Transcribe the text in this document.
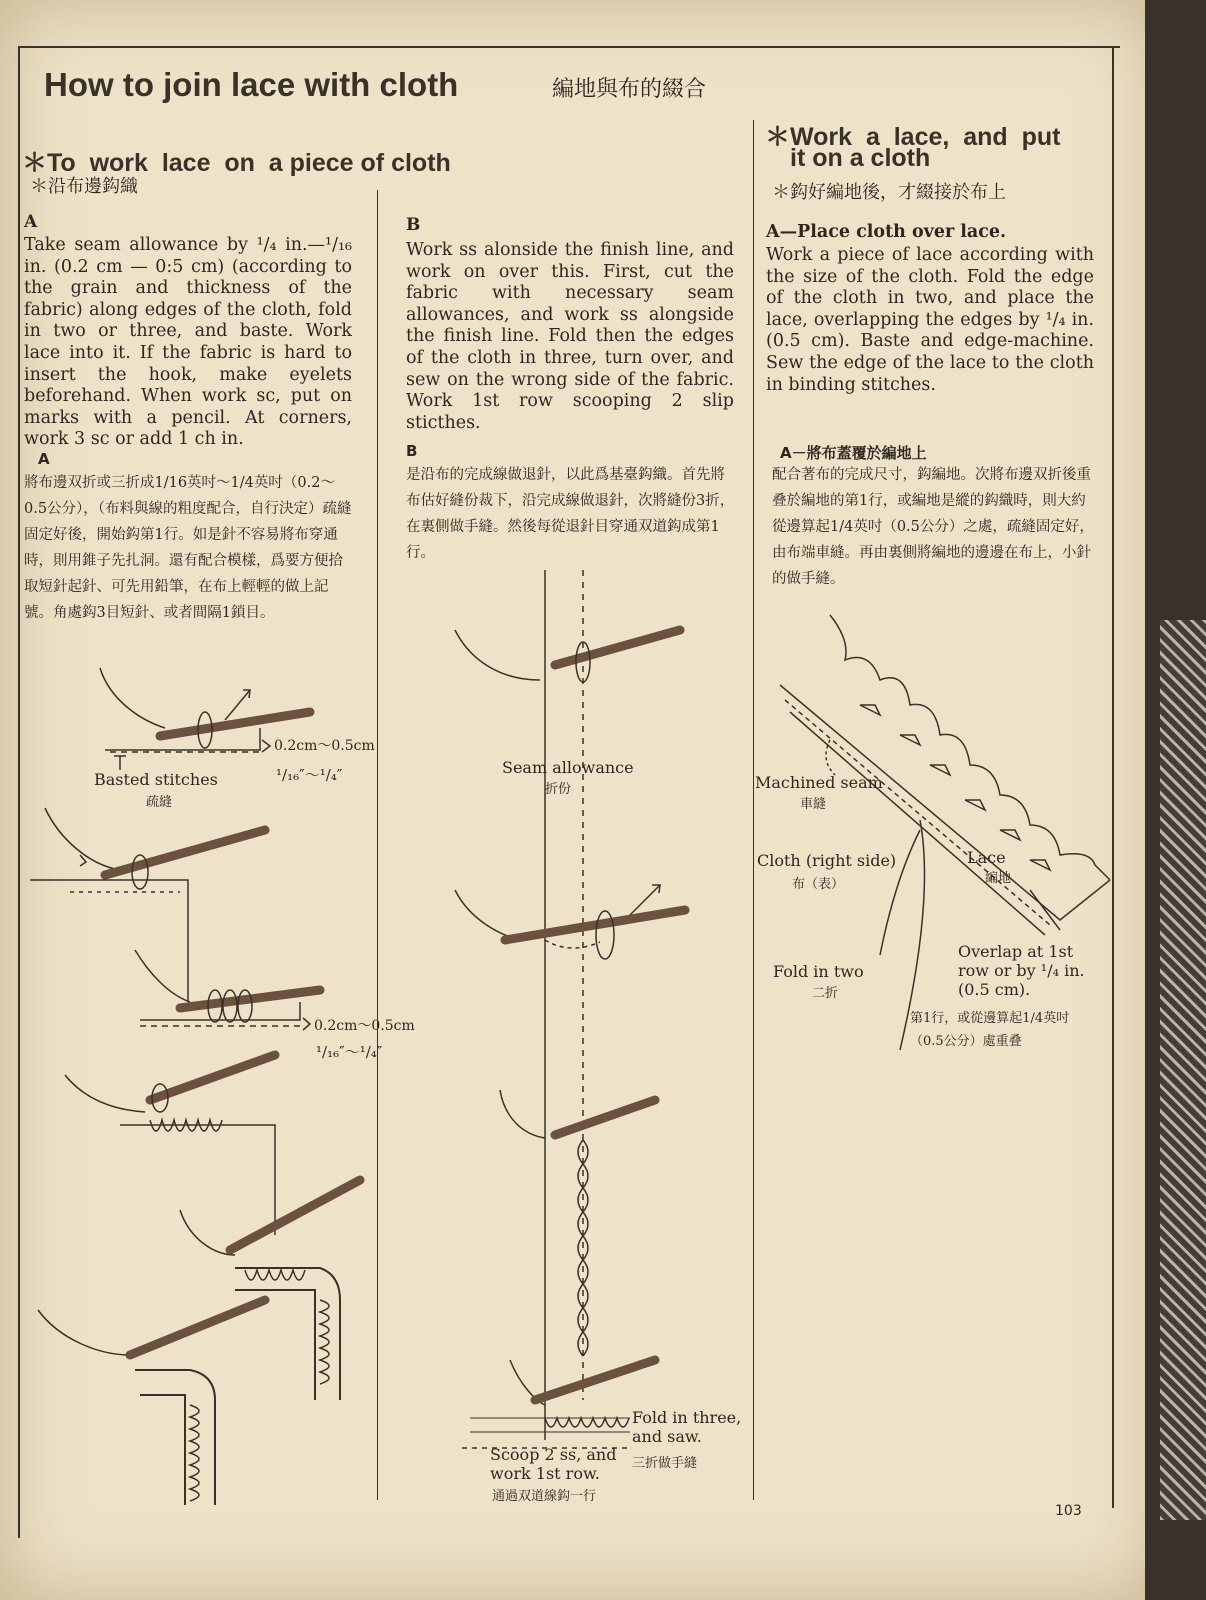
How to join lace with cloth	編地與布的綴合
＊To  work  lace  on  a piece of cloth
＊沿布邊鈎織
A
Take seam allowance by ¹/₄ in.—¹/₁₆ in. (0.2 cm — 0:5 cm) (according to the grain and thickness of the fabric) along edges of the cloth, fold in two or three, and baste. Work lace into it. If the fabric is hard to insert the hook, make eyelets beforehand. When work sc, put on marks with a pencil. At corners, work 3 sc or add 1 ch in.
A
將布邊双折或三折成1/16英吋～1/4英吋（0.2～0.5公分），（布料與線的粗度配合，自行決定）疏縫固定好後，開始鈎第1行。如是針不容易將布穿通時，則用錐子先扎洞。還有配合模樣，爲要方便拾取短針起針、可先用鉛筆，在布上輕輕的做上記號。角處鈎3目短針、或者間隔1鎖目。
B
Work ss alonside the finish line, and work on over this. First, cut the fabric with necessary seam allowances, and work ss alongside the finish line. Fold then the edges of the cloth in three, turn over, and sew on the wrong side of the fabric. Work 1st row scooping 2 slip sticthes.
B
是沿布的完成線做退針，以此爲基臺鈎織。首先將布估好縫份裁下，沿完成線做退針，次將縫份3折，在裏側做手縫。然後每從退針目穿通双道鈎成第1行。
＊Work  a  lace,  and  put
it on a cloth
＊鈎好編地後，才綴接於布上
A—Place cloth over lace.
Work a piece of lace according with the size of the cloth. Fold the edge of the cloth in two, and place the lace, overlapping the edges by ¹/₄ in. (0.5 cm). Baste and edge-machine. Sew the edge of the lace to the cloth in binding stitches.
A－將布蓋覆於編地上
配合著布的完成尺寸，鈎編地。次將布邊双折後重叠於編地的第1行，或編地是縱的鈎織時，則大約從邊算起1/4英吋（0.5公分）之處，疏縫固定好，由布端車縫。再由裏側將編地的邊邊在布上，小針的做手縫。
Basted stitches
疏縫
0.2cm～0.5cm
¹/₁₆″～¹/₄″
0.2cm～0.5cm
¹/₁₆″～¹/₄″
Seam allowance
折份
Fold in three, and saw.
三折做手縫
Scoop 2 ss, and work 1st row.
通過双道線鈎一行
Machined seam
車縫
Cloth (right side)
布（表）
Lace
編地
Fold in two
二折
Overlap at 1st row or by ¹/₄ in. (0.5 cm).
第1行，或從邊算起1/4英吋
（0.5公分）處重叠
103
